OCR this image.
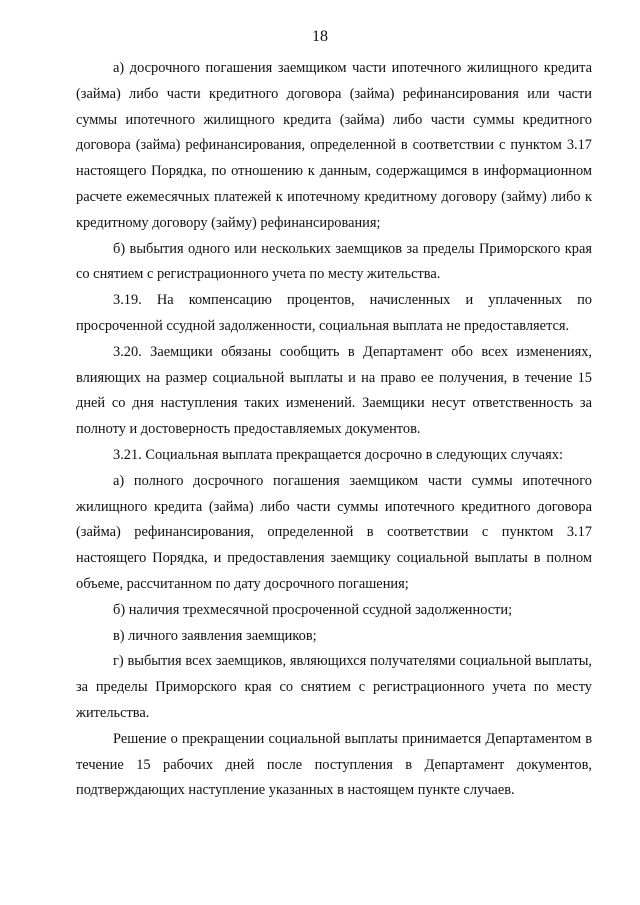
18

а) досрочного погашения заемщиком части ипотечного жилищного кредита (займа) либо части кредитного договора (займа) рефинансирования или части суммы ипотечного жилищного кредита (займа) либо части суммы кредитного договора (займа) рефинансирования, определенной в соответствии с пунктом 3.17 настоящего Порядка, по отношению к данным, содержащимся в информационном расчете ежемесячных платежей к ипотечному кредитному договору (займу) либо к кредитному договору (займу) рефинансирования;

б) выбытия одного или нескольких заемщиков за пределы Приморского края со снятием с регистрационного учета по месту жительства.

3.19. На компенсацию процентов, начисленных и уплаченных по просроченной ссудной задолженности, социальная выплата не предоставляется.

3.20. Заемщики обязаны сообщить в Департамент обо всех изменениях, влияющих на размер социальной выплаты и на право ее получения, в течение 15 дней со дня наступления таких изменений. Заемщики несут ответственность за полноту и достоверность предоставляемых документов.

3.21. Социальная выплата прекращается досрочно в следующих случаях:

а) полного досрочного погашения заемщиком части суммы ипотечного жилищного кредита (займа) либо части суммы ипотечного кредитного договора (займа) рефинансирования, определенной в соответствии с пунктом 3.17 настоящего Порядка, и предоставления заемщику социальной выплаты в полном объеме, рассчитанном по дату досрочного погашения;

б) наличия трехмесячной просроченной ссудной задолженности;

в) личного заявления заемщиков;

г) выбытия всех заемщиков, являющихся получателями социальной выплаты, за пределы Приморского края со снятием с регистрационного учета по месту жительства.

Решение о прекращении социальной выплаты принимается Департаментом в течение 15 рабочих дней после поступления в Департамент документов, подтверждающих наступление указанных в настоящем пункте случаев.
